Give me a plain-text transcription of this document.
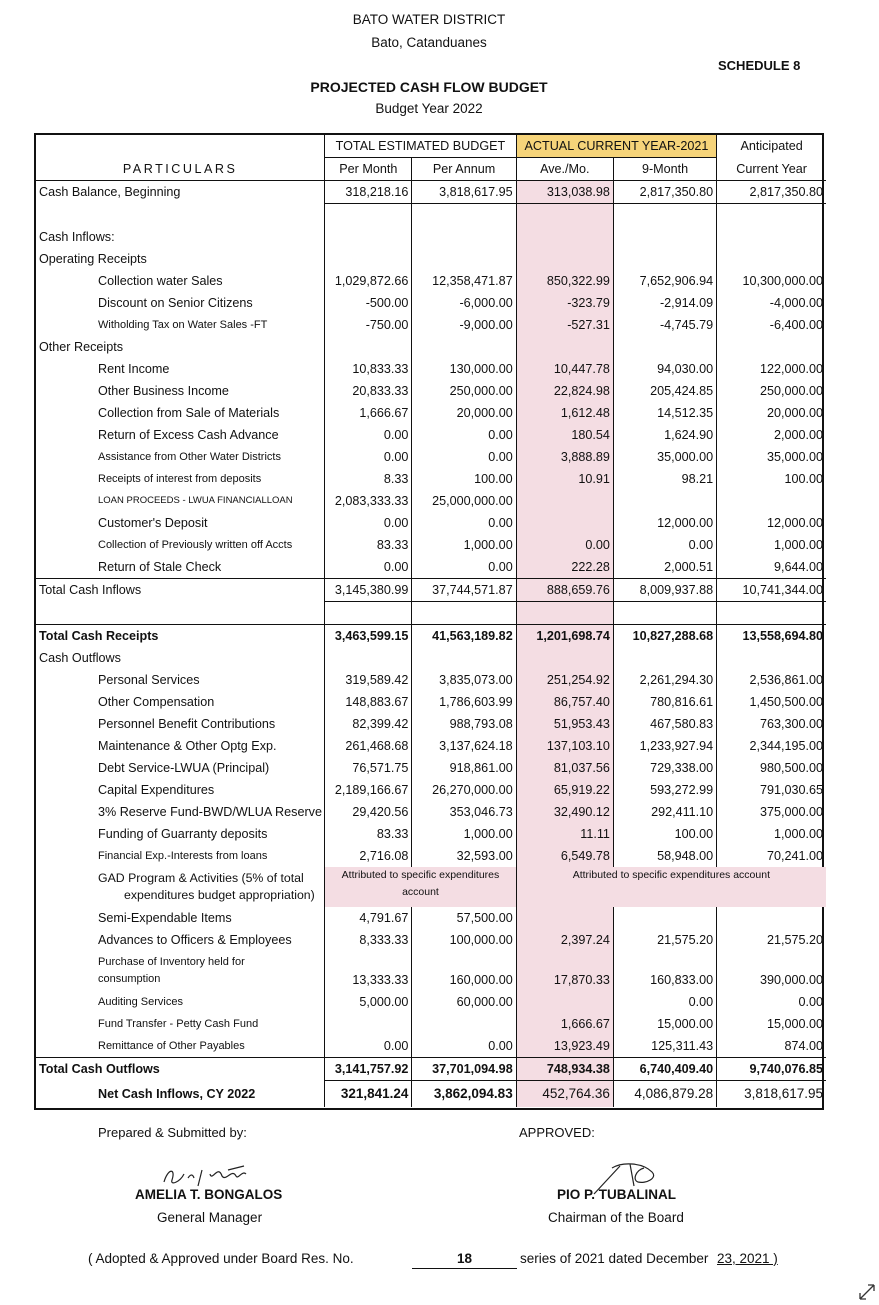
BATO WATER DISTRICT
Bato, Catanduanes
SCHEDULE 8
PROJECTED CASH FLOW BUDGET
Budget Year 2022
	TOTAL ESTIMATED BUDGET		ACTUAL CURRENT YEAR-2021		Anticipated
PARTICULARS	Per Month	Per Annum	Ave./Mo.	9-Month	Current Year
Cash Balance, Beginning	318,218.16	3,818,617.95	313,038.98	2,817,350.80	2,817,350.80

Cash Inflows:					
Operating Receipts					
Collection water Sales	1,029,872.66	12,358,471.87	850,322.99	7,652,906.94	10,300,000.00
Discount on Senior Citizens	-500.00	-6,000.00	-323.79	-2,914.09	-4,000.00
Witholding Tax on Water Sales -FT	-750.00	-9,000.00	-527.31	-4,745.79	-6,400.00
Other Receipts					
Rent Income	10,833.33	130,000.00	10,447.78	94,030.00	122,000.00
Other Business Income	20,833.33	250,000.00	22,824.98	205,424.85	250,000.00
Collection from Sale of Materials	1,666.67	20,000.00	1,612.48	14,512.35	20,000.00
Return of Excess Cash Advance	0.00	0.00	180.54	1,624.90	2,000.00
Assistance from Other Water Districts	0.00	0.00	3,888.89	35,000.00	35,000.00
Receipts of interest from deposits	8.33	100.00	10.91	98.21	100.00
LOAN PROCEEDS - LWUA FINANCIALLOAN	2,083,333.33	25,000,000.00			
Customer's Deposit	0.00	0.00		12,000.00	12,000.00
Collection of Previously written off Accts	83.33	1,000.00	0.00	0.00	1,000.00
Return of Stale Check	0.00	0.00	222.28	2,000.51	9,644.00
Total Cash Inflows	3,145,380.99	37,744,571.87	888,659.76	8,009,937.88	10,741,344.00

Total Cash Receipts	3,463,599.15	41,563,189.82	1,201,698.74	10,827,288.68	13,558,694.80
Cash Outflows					
Personal Services	319,589.42	3,835,073.00	251,254.92	2,261,294.30	2,536,861.00
Other Compensation	148,883.67	1,786,603.99	86,757.40	780,816.61	1,450,500.00
Personnel Benefit Contributions	82,399.42	988,793.08	51,953.43	467,580.83	763,300.00
Maintenance & Other Optg Exp.	261,468.68	3,137,624.18	137,103.10	1,233,927.94	2,344,195.00
Debt Service-LWUA (Principal)	76,571.75	918,861.00	81,037.56	729,338.00	980,500.00
Capital Expenditures	2,189,166.67	26,270,000.00	65,919.22	593,272.99	791,030.65
3% Reserve Fund-BWD/WLUA Reserve	29,420.56	353,046.73	32,490.12	292,411.10	375,000.00
Funding of Guarranty deposits	83.33	1,000.00	11.11	100.00	1,000.00
Financial Exp.-Interests from loans	2,716.08	32,593.00	6,549.78	58,948.00	70,241.00

GAD Program & Activities (5% of total
expenditures budget appropriation)	Attributed to specific expenditures account		Attributed to specific expenditures account		
Semi-Expendable Items	4,791.67	57,500.00			
Advances to Officers & Employees	8,333.33	100,000.00	2,397.24	21,575.20	21,575.20

Purchase of Inventory held for
consumption	13,333.33	160,000.00	17,870.33	160,833.00	390,000.00
Auditing Services	5,000.00	60,000.00		0.00	0.00
Fund Transfer - Petty Cash Fund			1,666.67	15,000.00	15,000.00
Remittance of Other Payables	0.00	0.00	13,923.49	125,311.43	874.00
Total Cash Outflows	3,141,757.92	37,701,094.98	748,934.38	6,740,409.40	9,740,076.85
Net Cash Inflows, CY 2022	321,841.24	3,862,094.83	452,764.36	4,086,879.28	3,818,617.95
Prepared & Submitted by:	APPROVED:
AMELIA T. BONGALOS
General Manager
PIO P. TUBALINAL
Chairman of the Board
( Adopted & Approved under Board Res. No.	18	series of 2021 dated December 23, 2021 )
